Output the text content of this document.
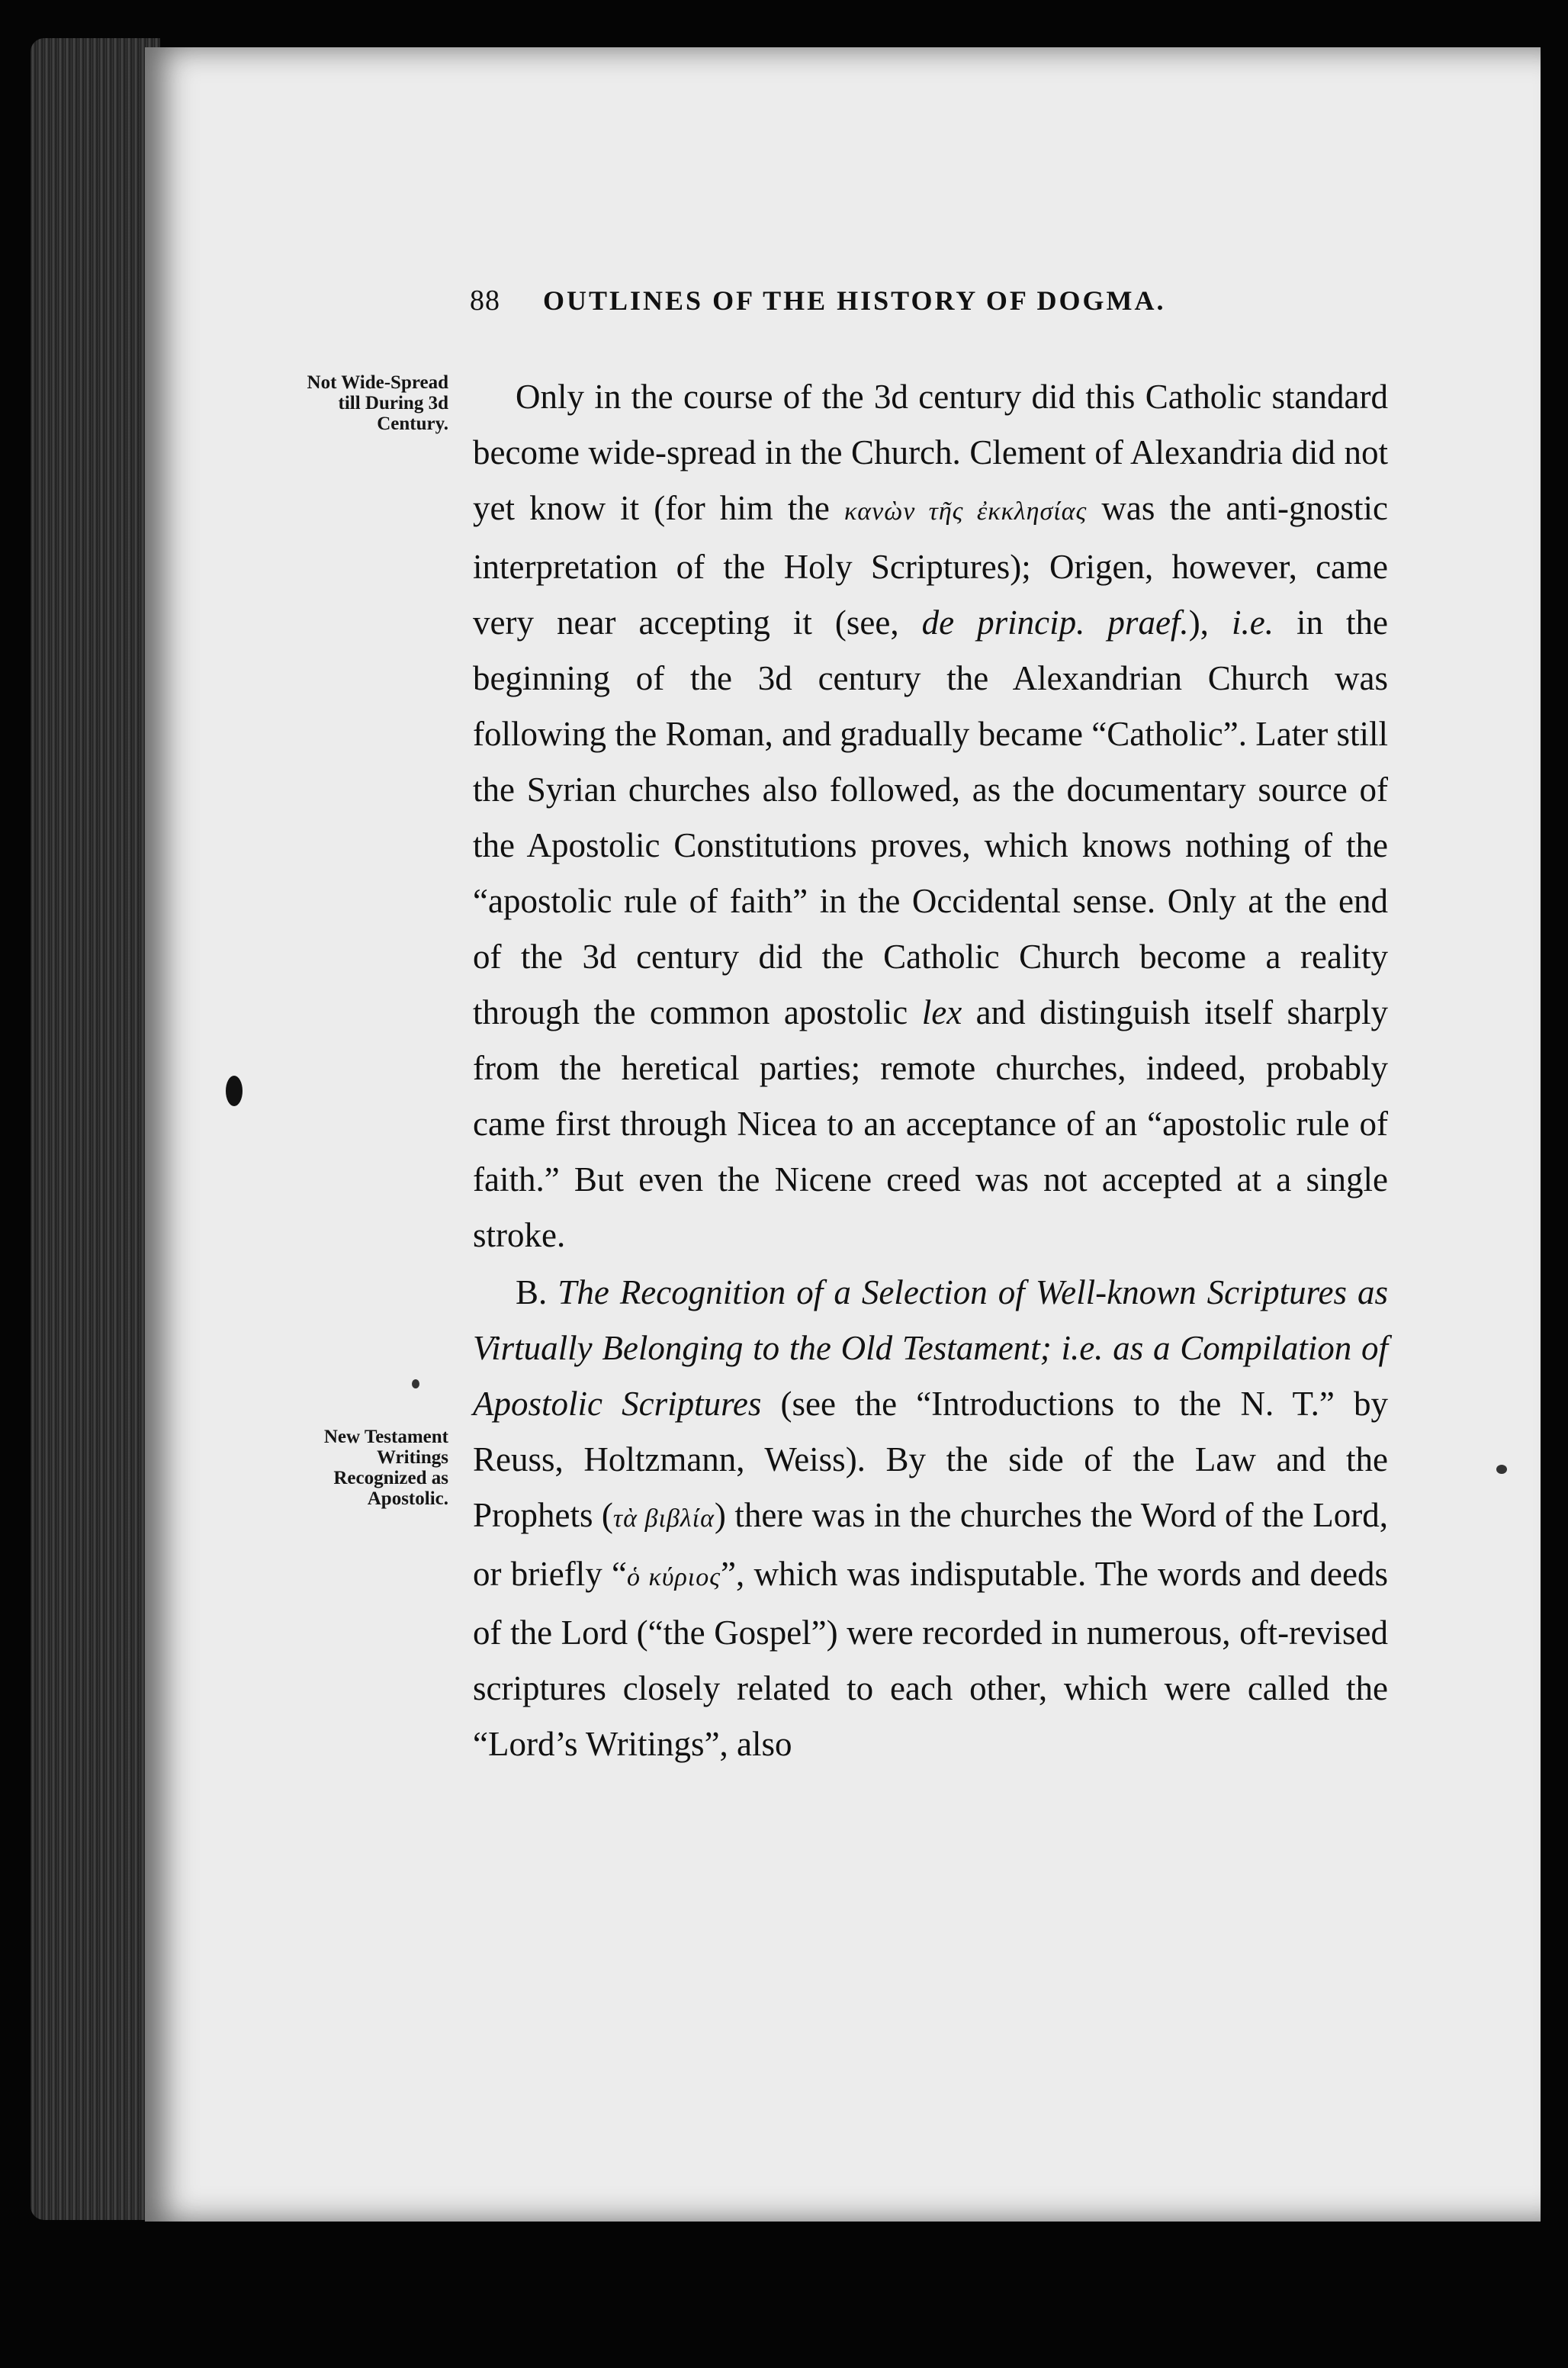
88 OUTLINES OF THE HISTORY OF DOGMA.
Not Wide-Spread till During 3d Century.
New Testament Writings Recognized as Apostolic.

Only in the course of the 3d century did this Catholic standard become wide-spread in the Church. Clement of Alexandria did not yet know it (for him the κανὼν τῆς ἐκκλησίας was the anti-gnostic interpretation of the Holy Scriptures); Origen, however, came very near accepting it (see, de princip. praef.), i.e. in the beginning of the 3d century the Alexandrian Church was following the Roman, and gradually became “Catholic”. Later still the Syrian churches also followed, as the documentary source of the Apostolic Constitutions proves, which knows nothing of the “apostolic rule of faith” in the Occidental sense. Only at the end of the 3d century did the Catholic Church become a reality through the common apostolic lex and distinguish itself sharply from the heretical parties; remote churches, indeed, probably came first through Nicea to an acceptance of an “apostolic rule of faith.” But even the Nicene creed was not accepted at a single stroke.

B. The Recognition of a Selection of Well-known Scriptures as Virtually Belonging to the Old Testament; i.e. as a Compilation of Apostolic Scriptures (see the “Introductions to the N. T.” by Reuss, Holtzmann, Weiss). By the side of the Law and the Prophets (τὰ βιβλία) there was in the churches the Word of the Lord, or briefly “ὁ κύριος”, which was indisputable. The words and deeds of the Lord (“the Gospel”) were recorded in numerous, oft-revised scriptures closely related to each other, which were called the “Lord’s Writings”, also
